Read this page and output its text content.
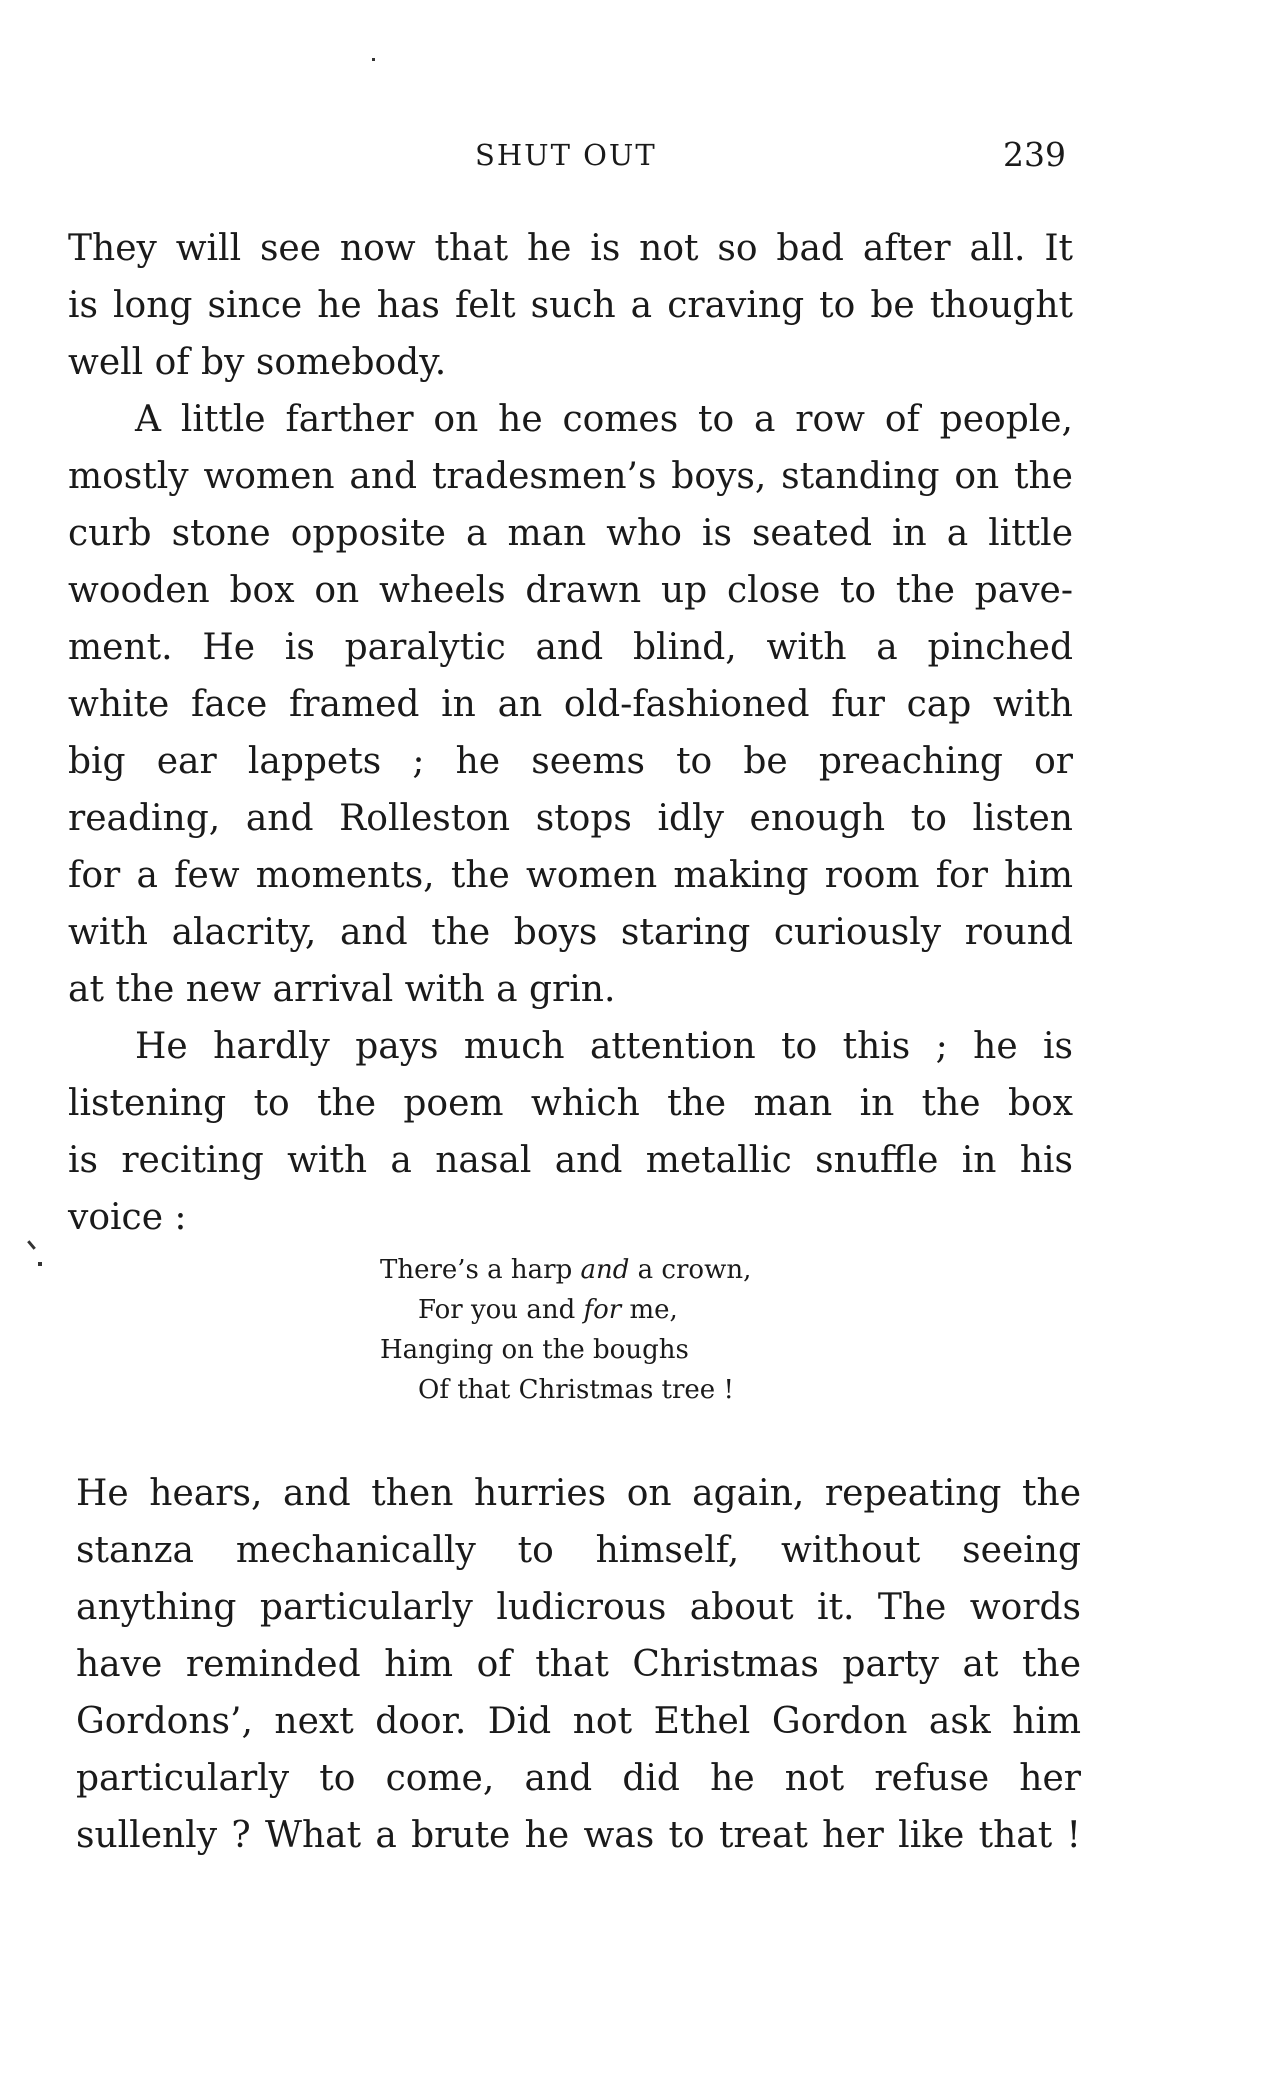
SHUT OUT	239
They will see now that he is not so bad after all. It
is long since he has felt such a craving to be thought
well of by somebody.
A little farther on he comes to a row of people,
mostly women and tradesmen’s boys, standing on the
curb stone opposite a man who is seated in a little
wooden box on wheels drawn up close to the pave-
ment. He is paralytic and blind, with a pinched
white face framed in an old-fashioned fur cap with
big ear lappets ; he seems to be preaching or
reading, and Rolleston stops idly enough to listen
for a few moments, the women making room for him
with alacrity, and the boys staring curiously round
at the new arrival with a grin.
He hardly pays much attention to this ; he is
listening to the poem which the man in the box
is reciting with a nasal and metallic snuffle in his
voice :
There’s a harp and a crown,
For you and for me,
Hanging on the boughs
Of that Christmas tree !
He hears, and then hurries on again, repeating the
stanza mechanically to himself, without seeing
anything particularly ludicrous about it. The words
have reminded him of that Christmas party at the
Gordons’, next door. Did not Ethel Gordon ask him
particularly to come, and did he not refuse her
sullenly ? What a brute he was to treat her like that !
